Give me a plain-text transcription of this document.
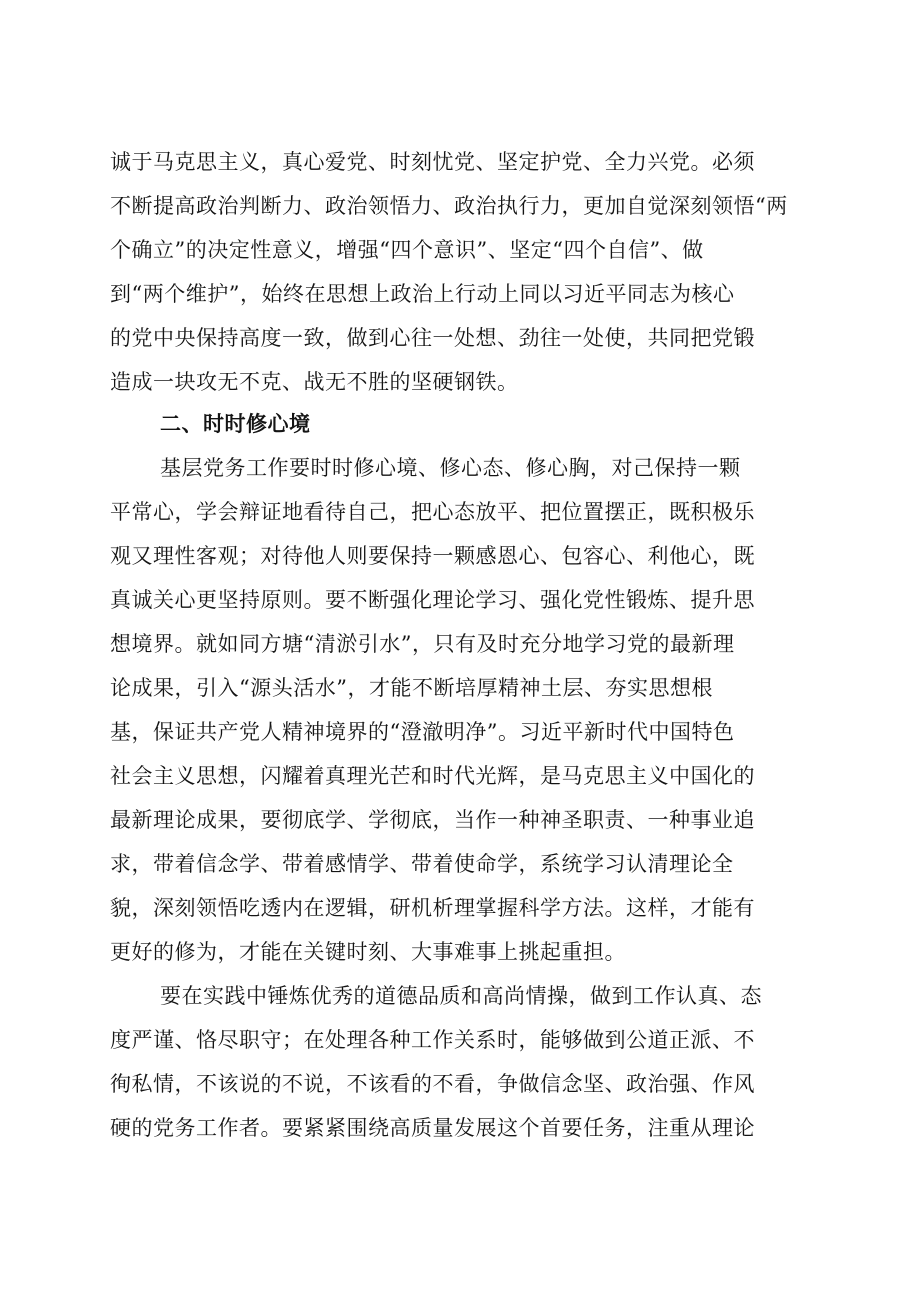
诚于马克思主义，真心爱党、时刻忧党、坚定护党、全力兴党。必须
不断提高政治判断力、政治领悟力、政治执行力，更加自觉深刻领悟“两
个确立”的决定性意义，增强“四个意识”、坚定“四个自信”、做
到“两个维护”，始终在思想上政治上行动上同以习近平同志为核心
的党中央保持高度一致，做到心往一处想、劲往一处使，共同把党锻
造成一块攻无不克、战无不胜的坚硬钢铁。
二、时时修心境
基层党务工作要时时修心境、修心态、修心胸，对己保持一颗
平常心，学会辩证地看待自己，把心态放平、把位置摆正，既积极乐
观又理性客观；对待他人则要保持一颗感恩心、包容心、利他心，既
真诚关心更坚持原则。要不断强化理论学习、强化党性锻炼、提升思
想境界。就如同方塘“清淤引水”，只有及时充分地学习党的最新理
论成果，引入“源头活水”，才能不断培厚精神土层、夯实思想根
基，保证共产党人精神境界的“澄澈明净”。习近平新时代中国特色
社会主义思想，闪耀着真理光芒和时代光辉，是马克思主义中国化的
最新理论成果，要彻底学、学彻底，当作一种神圣职责、一种事业追
求，带着信念学、带着感情学、带着使命学，系统学习认清理论全
貌，深刻领悟吃透内在逻辑，研机析理掌握科学方法。这样，才能有
更好的修为，才能在关键时刻、大事难事上挑起重担。
要在实践中锤炼优秀的道德品质和高尚情操，做到工作认真、态
度严谨、恪尽职守；在处理各种工作关系时，能够做到公道正派、不
徇私情，不该说的不说，不该看的不看，争做信念坚、政治强、作风
硬的党务工作者。要紧紧围绕高质量发展这个首要任务，注重从理论
